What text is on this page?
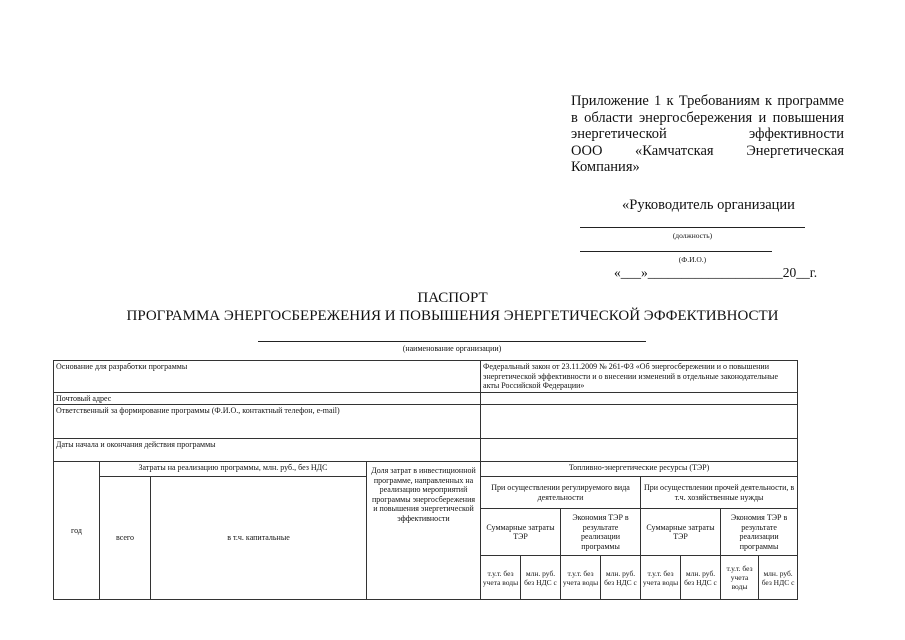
Приложение 1 к Требованиям к программе
в области энергосбережения и повышения
энергетической эффективности
ООО «Камчатская Энергетическая
Компания»
«Руководитель организации
(должность)
(Ф.И.О.)
«___»____________________20__г.
ПАСПОРТ
ПРОГРАММА ЭНЕРГОСБЕРЕЖЕНИЯ И ПОВЫШЕНИЯ ЭНЕРГЕТИЧЕСКОЙ ЭФФЕКТИВНОСТИ
(наименование организации)
Основание для разработки программы				Федеральный закон от 23.11.2009 № 261-ФЗ «Об энергосбережении и о повышении энергетической эффективности и о внесении изменений в отдельные законодательные акты Российской Федерации»							
Почтовый адрес											
Ответственный за формирование программы (Ф.И.О., контактный телефон, e-mail)											
Даты начала и окончания действия программы											
год	Затраты на реализацию программы, млн. руб., без НДС		Доля затрат в инвестиционной программе, направленных на реализацию мероприятий программы энергосбережения и повышения энергетической эффективности	Топливно-энергетические ресурсы (ТЭР)							
	всего	в т.ч. капитальные		При осуществлении регулируемого вида деятельности				При осуществлении прочей деятельности, в т.ч. хозяйственные нужды			
				Суммарные затраты ТЭР		Экономия ТЭР в результате реализации программы		Суммарные затраты ТЭР		Экономия ТЭР в результате реализации программы	
				т.у.т. без учета воды	млн. руб. без НДС с	т.у.т. без учета воды	млн. руб. без НДС с	т.у.т. без учета воды	млн. руб. без НДС с	т.у.т. без учета воды	млн. руб. без НДС с
